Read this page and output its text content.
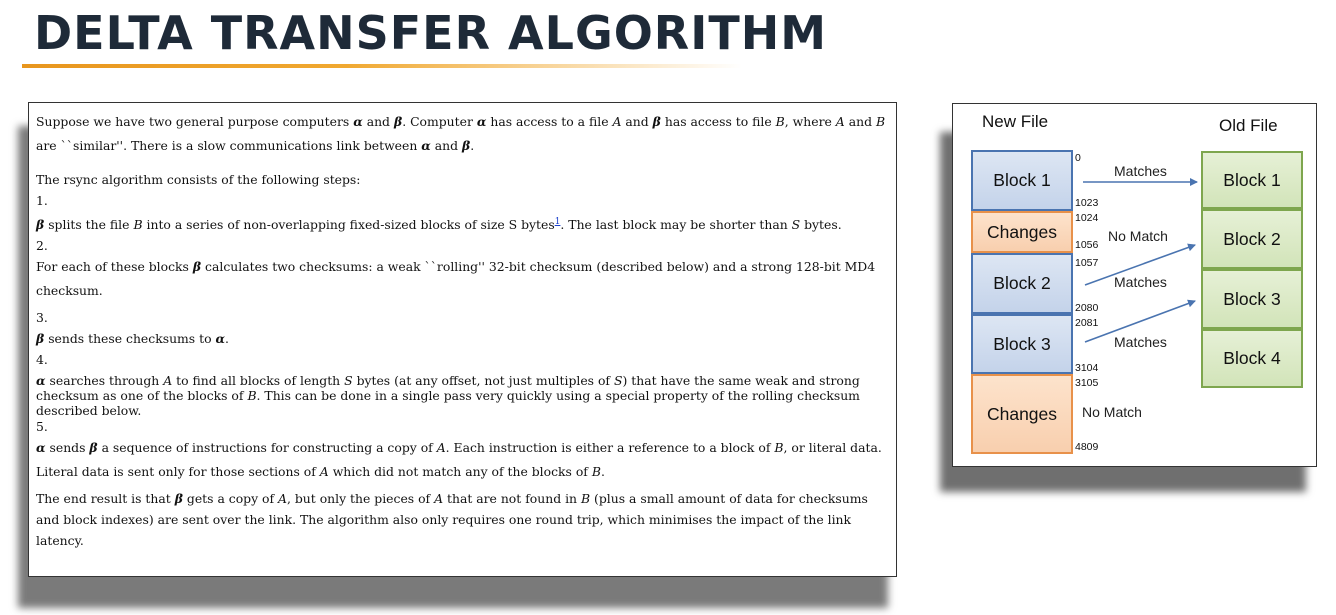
DELTA TRANSFER ALGORITHM

Suppose we have two general purpose computers α and β. Computer α has access to a file A and β has access to file B, where A and B are ``similar''. There is a slow communications link between α and β.

The rsync algorithm consists of the following steps:

1.

β splits the file B into a series of non-overlapping fixed-sized blocks of size S bytes$^1$. The last block may be shorter than S bytes.

2.

For each of these blocks β calculates two checksums: a weak ``rolling'' 32-bit checksum (described below) and a strong 128-bit MD4 checksum.

3.

β sends these checksums to α.

4.

α searches through A to find all blocks of length S bytes (at any offset, not just multiples of S) that have the same weak and strong checksum as one of the blocks of B. This can be done in a single pass very quickly using a special property of the rolling checksum described below.

5.

α sends β a sequence of instructions for constructing a copy of A. Each instruction is either a reference to a block of B, or literal data. Literal data is sent only for those sections of A which did not match any of the blocks of B.

The end result is that β gets a copy of A, but only the pieces of A that are not found in B (plus a small amount of data for checksums and block indexes) are sent over the link. The algorithm also only requires one round trip, which minimises the impact of the link latency.

New File	Old File
Block 1
Changes
Block 2
Block 3
Changes
Block 1
Block 2
Block 3
Block 4
0
1023
1024
1056
1057
2080
2081
3104
3105
4809
Matches
No Match
Matches
Matches
No Match
